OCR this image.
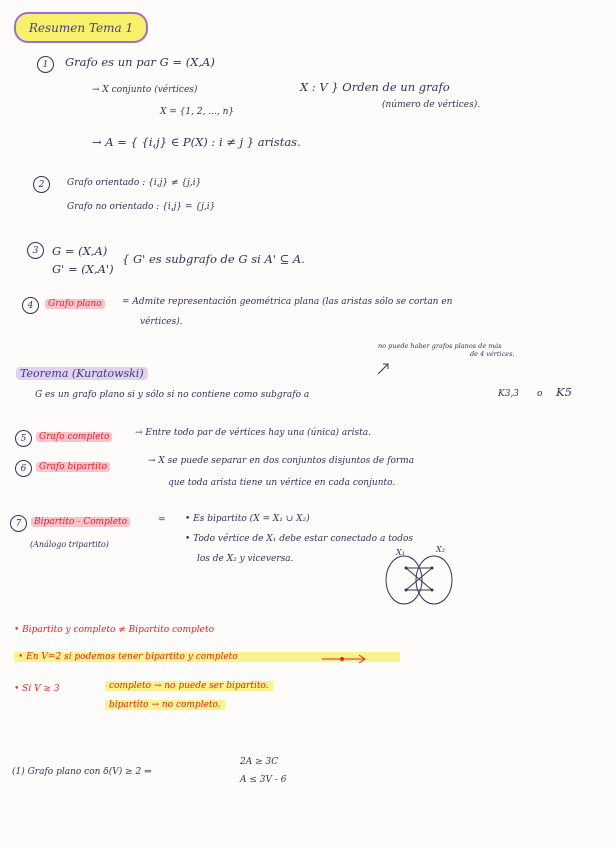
Resumen Tema 1
1	Grafo es un par G = (X,A)
→ X conjunto (vértices)
X = {1, 2, ..., n}
X : V } Orden de un grafo
(número de vértices).
→ A = { {i,j} ∈ P(X) : i ≠ j } aristas.
2	Grafo orientado : {i,j} ≠ {j,i}
Grafo no orientado : {i,j} = {j,i}
3	G = (X,A)
G' = (X,A')
{ G' es subgrafo de G si A' ⊆ A.
4	Grafo plano	= Admite representación geométrica plana (las aristas sólo se cortan en
vértices).
no puede haber grafos planos de más
de 4 vértices.
Teorema (Kuratowski)
G es un grafo plano si y sólo si no contiene como subgrafo a	K3,3 o K5
5	Grafo completo	→ Entre todo par de vértices hay una (única) arista.
6	Grafo bipartito
→ X se puede separar en dos conjuntos disjuntos de forma
que toda arista tiene un vértice en cada conjunto.
7	Bipartito - Completo	=
(Análogo tripartito)
• Es bipartito (X = X₁ ∪ X₂)
• Todo vértice de X₁ debe estar conectado a todos
los de X₂ y viceversa.
X₁	X₂
• Bipartito y completo ≠ Bipartito completo
• En V=2 si podemos tener bipartito y completo
• Si V ≥ 3	completo → no puede ser bipartito.
bipartito → no completo.
(1) Grafo plano con δ(V) ≥ 2 ⇒
2A ≥ 3C
A ≤ 3V - 6
